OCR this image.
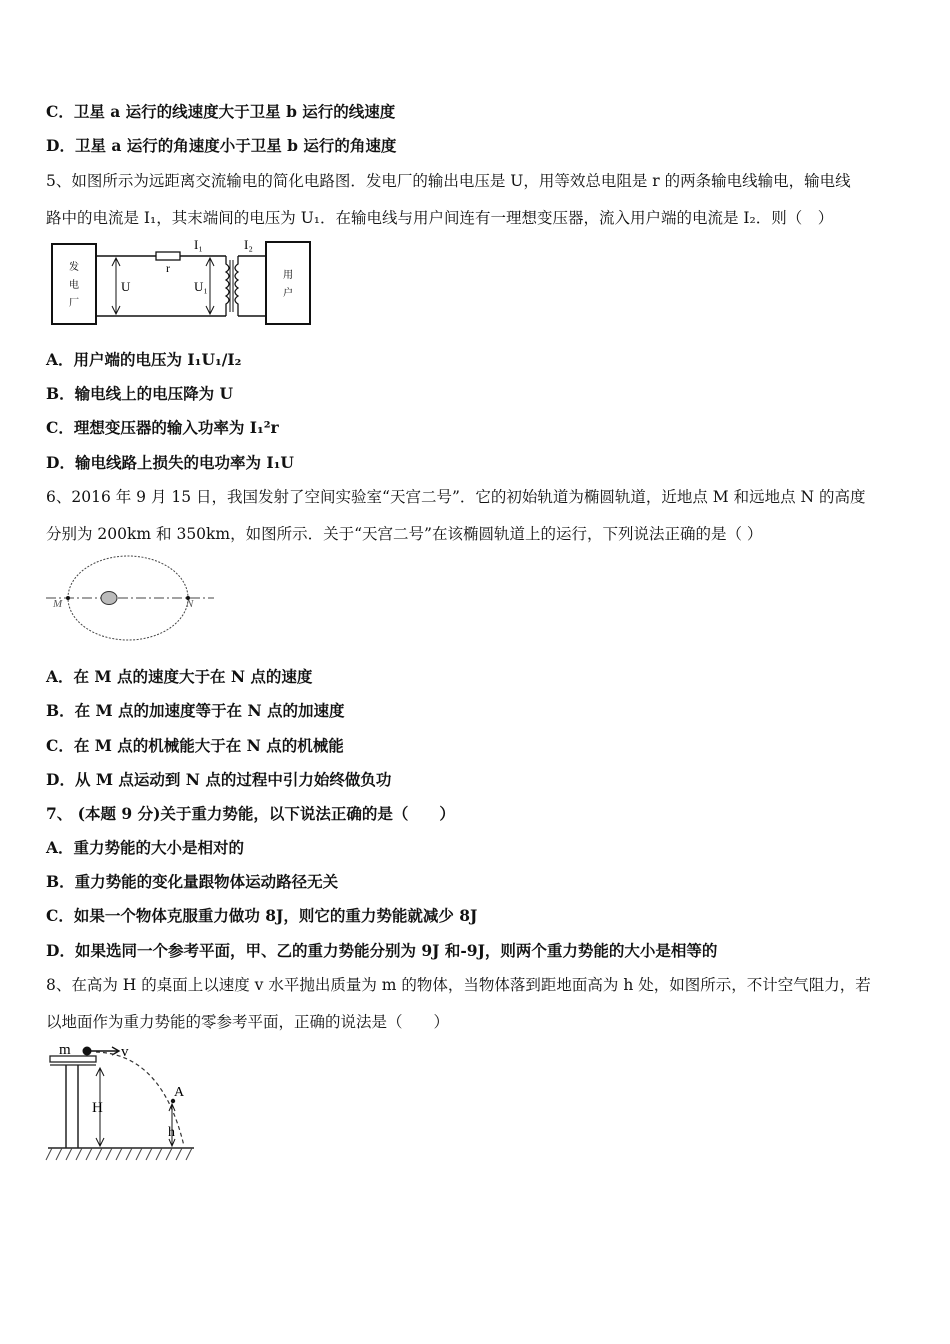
C．卫星 a 运行的线速度大于卫星 b 运行的线速度
D．卫星 a 运行的角速度小于卫星 b 运行的角速度
5、如图所示为远距离交流输电的简化电路图．发电厂的输出电压是 U，用等效总电阻是 r 的两条输电线输电，输电线
路中的电流是 I₁，其末端间的电压为 U₁．在输电线与用户间连有一理想变压器，流入用户端的电流是 I₂．则（　）
发
电
厂
r
U	U₁
I₁	I₂
用
户
A．用户端的电压为 I₁U₁/I₂
B．输电线上的电压降为 U
C．理想变压器的输入功率为 I₁²r
D．输电线路上损失的电功率为 I₁U
6、2016 年 9 月 15 日，我国发射了空间实验室“天宫二号”．它的初始轨道为椭圆轨道，近地点 M 和远地点 N 的高度
分别为 200km 和 350km，如图所示．关于“天宫二号”在该椭圆轨道上的运行，下列说法正确的是（ ）
M	N
A．在 M 点的速度大于在 N 点的速度
B．在 M 点的加速度等于在 N 点的加速度
C．在 M 点的机械能大于在 N 点的机械能
D．从 M 点运动到 N 点的过程中引力始终做负功
7、 (本题 9 分)关于重力势能，以下说法正确的是（　　）
A．重力势能的大小是相对的
B．重力势能的变化量跟物体运动路径无关
C．如果一个物体克服重力做功 8J，则它的重力势能就减少 8J
D．如果选同一个参考平面，甲、乙的重力势能分别为 9J 和-9J，则两个重力势能的大小是相等的
8、在高为 H 的桌面上以速度 v 水平抛出质量为 m 的物体，当物体落到距地面高为 h 处，如图所示，不计空气阻力，若
以地面作为重力势能的零参考平面，正确的说法是（　　）
m	v
H
A
h
